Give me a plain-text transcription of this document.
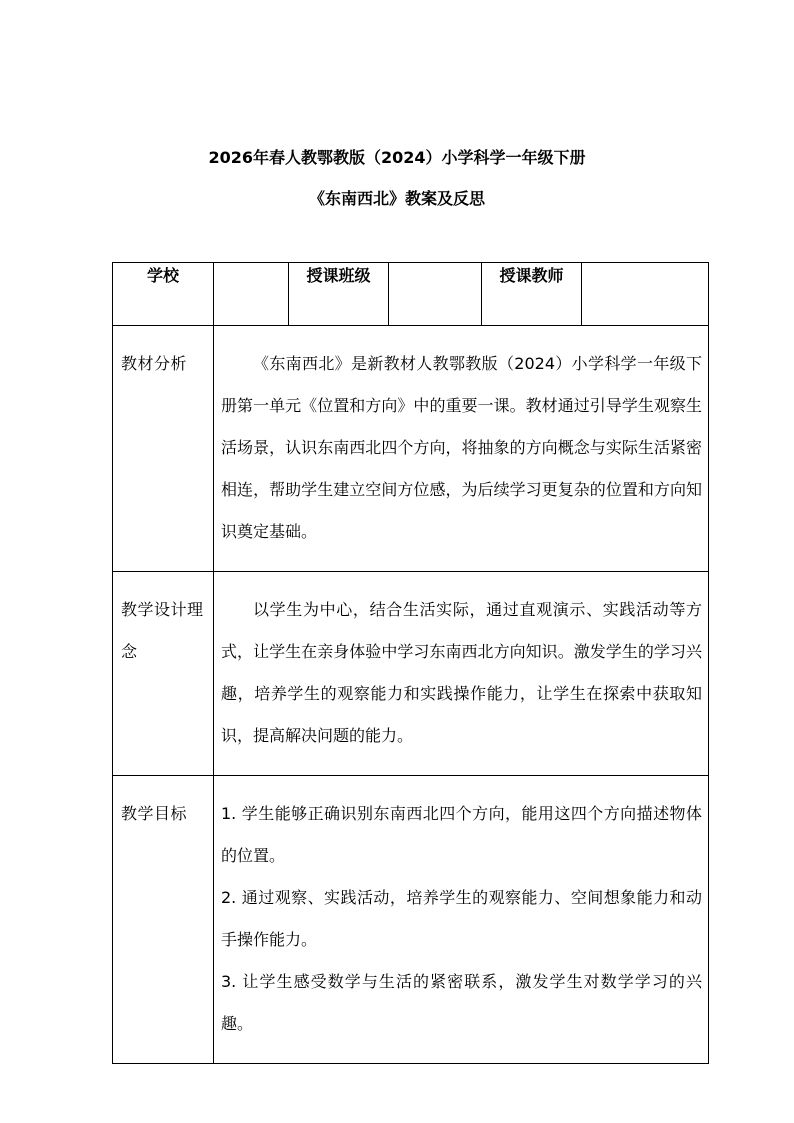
2026年春人教鄂教版（2024）小学科学一年级下册
《东南西北》教案及反思
学校		授课班级		授课教师	
教材分析	《东南西北》是新教材人教鄂教版（2024）小学科学一年级下册第一单元《位置和方向》中的重要一课。教材通过引导学生观察生活场景，认识东南西北四个方向，将抽象的方向概念与实际生活紧密相连，帮助学生建立空间方位感，为后续学习更复杂的位置和方向知识奠定基础。				

教学设计理念	以学生为中心，结合生活实际，通过直观演示、实践活动等方式，让学生在亲身体验中学习东南西北方向知识。激发学生的学习兴趣，培养学生的观察能力和实践操作能力，让学生在探索中获取知识，提高解决问题的能力。				

教学目标	1. 学生能够正确识别东南西北四个方向，能用这四个方向描述物体的位置。

2. 通过观察、实践活动，培养学生的观察能力、空间想象能力和动手操作能力。

3. 让学生感受数学与生活的紧密联系，激发学生对数学学习的兴趣。				
